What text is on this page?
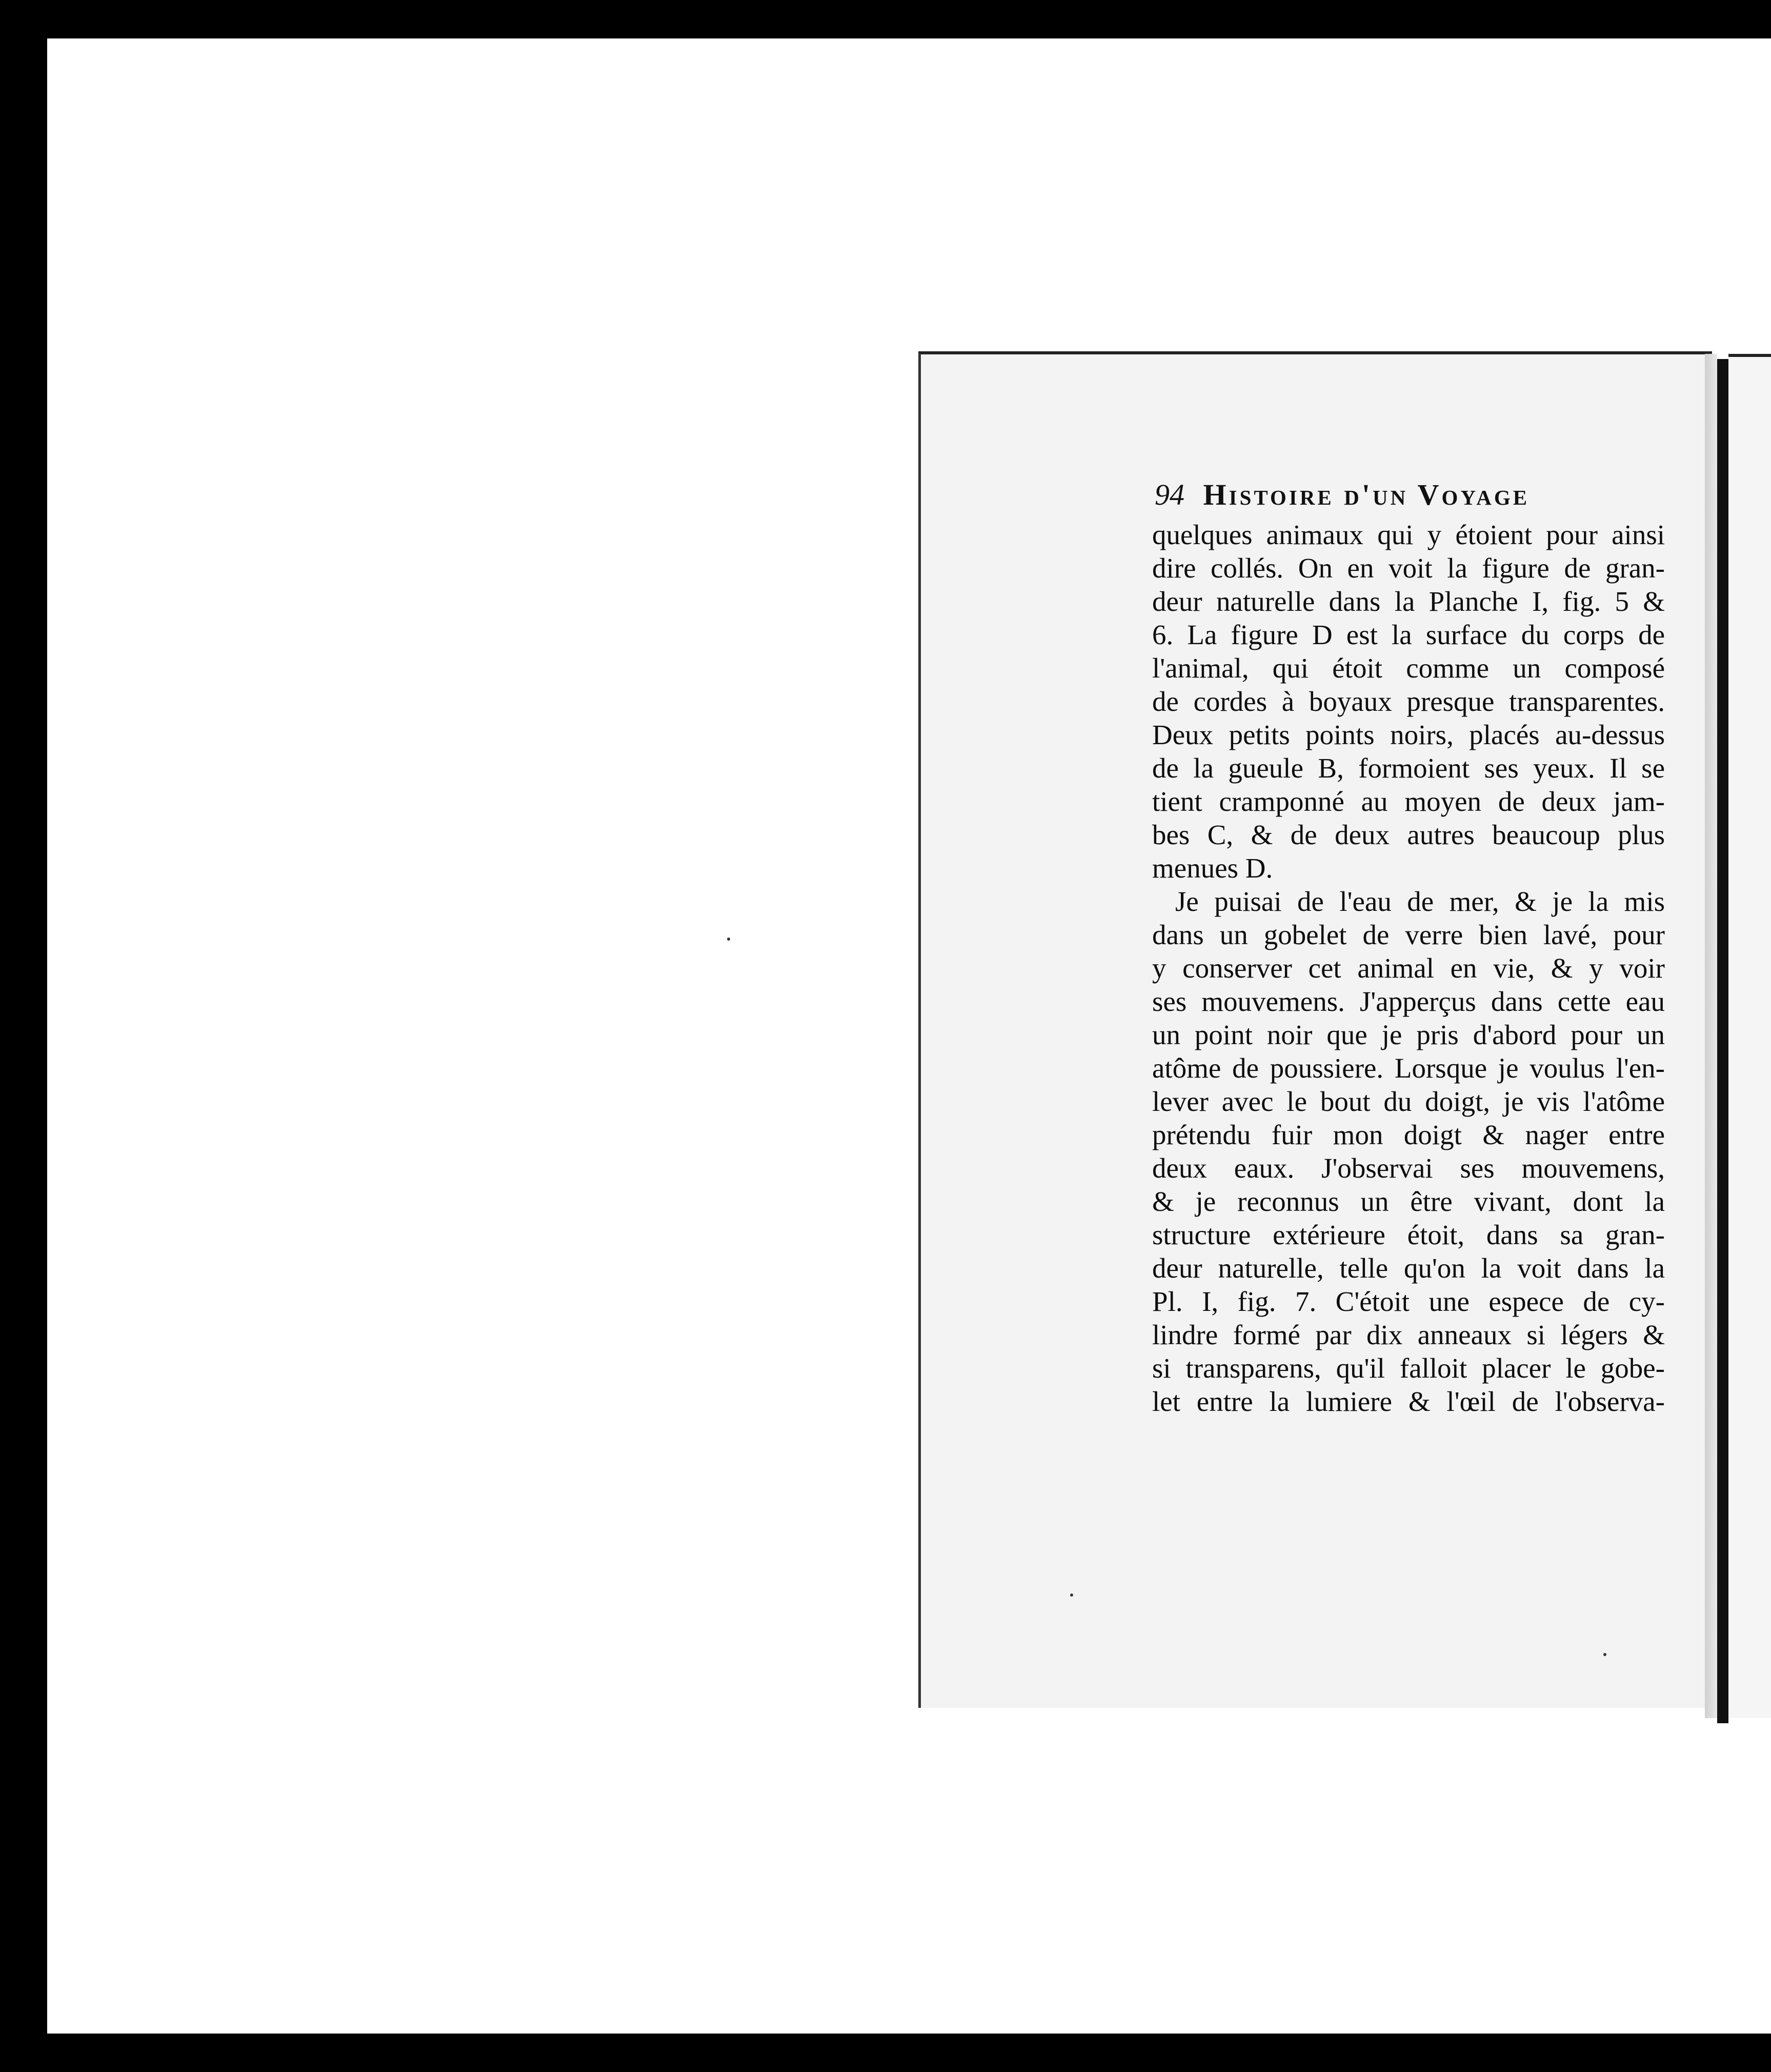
94 Histoire d'un Voyage
quelques animaux qui y étoient pour ainsi
dire collés. On en voit la figure de gran-
deur naturelle dans la Planche I, fig. 5 &
6. La figure D est la surface du corps de
l'animal, qui étoit comme un composé
de cordes à boyaux presque transparentes.
Deux petits points noirs, placés au-dessus
de la gueule B, formoient ses yeux. Il se
tient cramponné au moyen de deux jam-
bes C, & de deux autres beaucoup plus
menues D.
Je puisai de l'eau de mer, & je la mis
dans un gobelet de verre bien lavé, pour
y conserver cet animal en vie, & y voir
ses mouvemens. J'apperçus dans cette eau
un point noir que je pris d'abord pour un
atôme de poussiere. Lorsque je voulus l'en-
lever avec le bout du doigt, je vis l'atôme
prétendu fuir mon doigt & nager entre
deux eaux. J'observai ses mouvemens,
& je reconnus un être vivant, dont la
structure extérieure étoit, dans sa gran-
deur naturelle, telle qu'on la voit dans la
Pl. I, fig. 7. C'étoit une espece de cy-
lindre formé par dix anneaux si légers &
si transparens, qu'il falloit placer le gobe-
let entre la lumiere & l'œil de l'observa-
